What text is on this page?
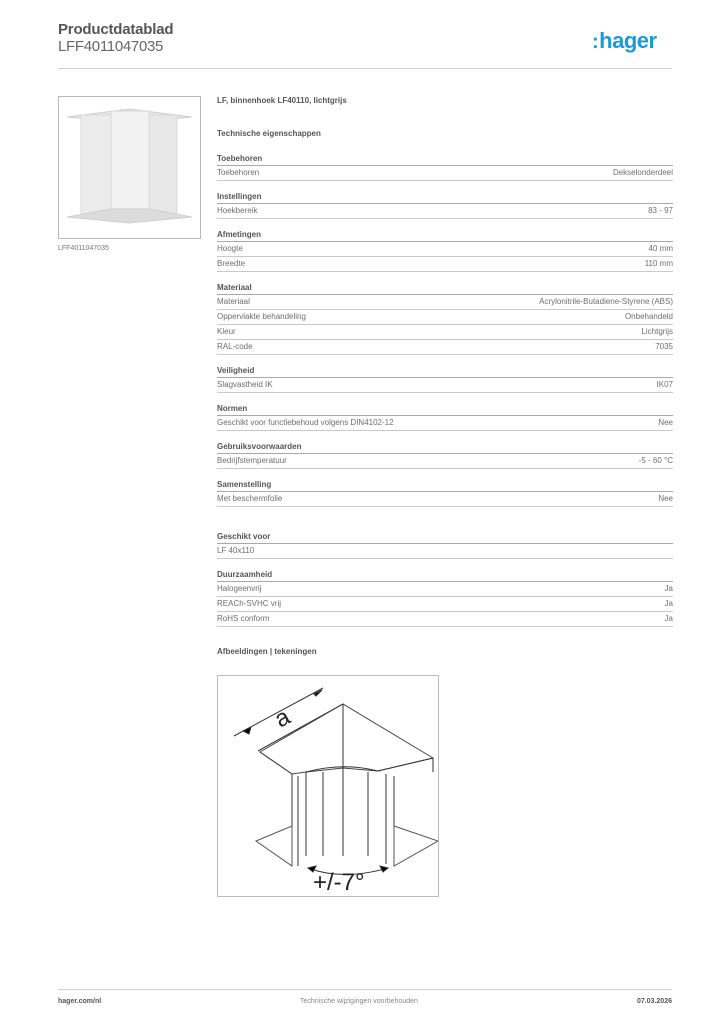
Productdatablad
LFF4011047035	:hager
LFF4011047035
LF, binnenhoek LF40110, lichtgrijs
Technische eigenschappen
Toebehoren
Toebehoren	Dekselonderdeel
Instellingen
Hoekbereik	83 - 97
Afmetingen
Hoogte	40 mm
Breedte	110 mm
Materiaal
Materiaal	Acrylonitrile-Butadiene-Styrene (ABS)
Oppervlakte behandeling	Onbehandeld
Kleur	Lichtgrijs
RAL-code	7035
Veiligheid
Slagvastheid IK	IK07
Normen
Geschikt voor functiebehoud volgens DIN4102-12	Nee
Gebruiksvoorwaarden
Bedrijfstemperatuur	-5 - 60 °C
Samenstelling
Met beschermfolie	Nee
Geschikt voor
LF 40x110
Duurzaamheid
Halogeenvrij	Ja
REACh-SVHC vrij	Ja
RoHS conform	Ja
Afbeeldingen | tekeningen
a
+/-7°
hager.com/nl	Technische wijzigingen voorbehouden	07.03.2026
